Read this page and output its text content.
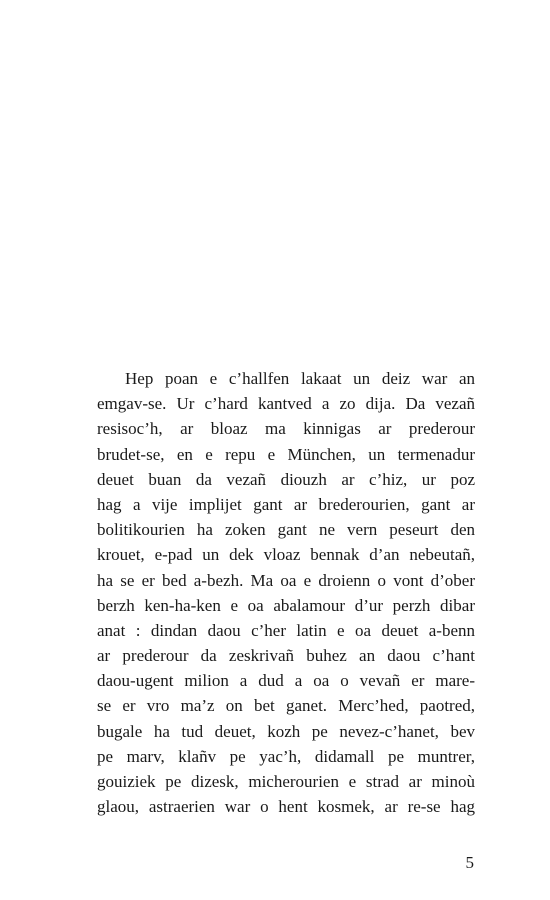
Hep poan e c’hallfen lakaat un deiz war an
emgav-se. Ur c’hard kantved a zo dija. Da vezañ
resisoc’h, ar bloaz ma kinnigas ar prederour
brudet-se, en e repu e München, un termenadur
deuet buan da vezañ diouzh ar c’hiz, ur poz
hag a vije implijet gant ar brederourien, gant ar
bolitikourien ha zoken gant ne vern peseurt den
krouet, e-pad un dek vloaz bennak d’an nebeutañ,
ha se er bed a-bezh. Ma oa e droienn o vont d’ober
berzh ken-ha-ken e oa abalamour d’ur perzh dibar
anat : dindan daou c’her latin e oa deuet a-benn
ar prederour da zeskrivañ buhez an daou c’hant
daou-ugent milion a dud a oa o vevañ er mare-
se er vro ma’z on bet ganet. Merc’hed, paotred,
bugale ha tud deuet, kozh pe nevez-c’hanet, bev
pe marv, klañv pe yac’h, didamall pe muntrer,
gouiziek pe dizesk, micherourien e strad ar minoù
glaou, astraerien war o hent kosmek, ar re-se hag
5
